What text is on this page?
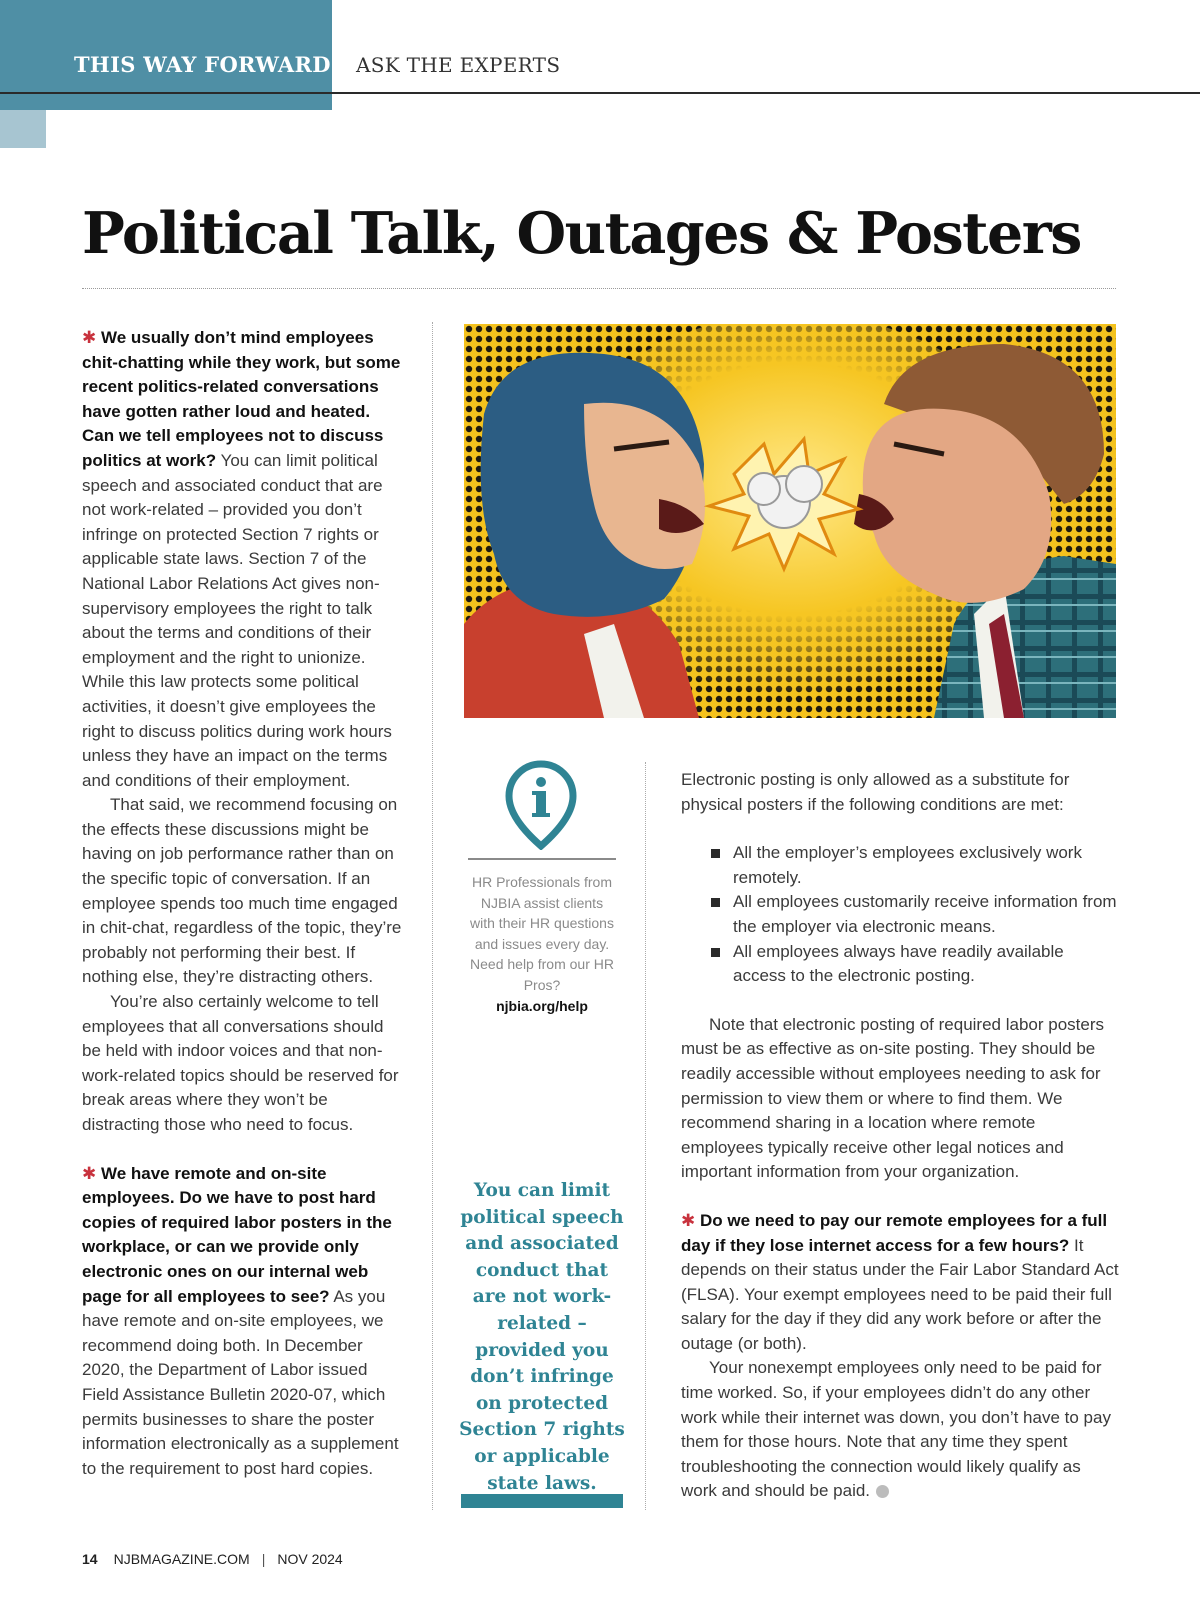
THIS WAY FORWARD ASK THE EXPERTS
Political Talk, Outages & Posters

✱ We usually don’t mind employees chit-chatting while they work, but some recent politics-related conversations have gotten rather loud and heated. Can we tell employees not to discuss politics at work? You can limit political speech and associated conduct that are not work-related – provided you don’t infringe on protected Section 7 rights or applicable state laws. Section 7 of the National Labor Relations Act gives non-supervisory employees the right to talk about the terms and conditions of their employment and the right to unionize. While this law protects some political activities, it doesn’t give employees the right to discuss politics during work hours unless they have an impact on the terms and conditions of their employment.

That said, we recommend focusing on the effects these discussions might be having on job performance rather than on the specific topic of conversation. If an employee spends too much time engaged in chit-chat, regardless of the topic, they’re probably not performing their best. If nothing else, they’re distracting others.

You’re also certainly welcome to tell employees that all conversations should be held with indoor voices and that non-work-related topics should be reserved for break areas where they won’t be distracting those who need to focus.

✱ We have remote and on-site employees. Do we have to post hard copies of required labor posters in the workplace, or can we provide only electronic ones on our internal web page for all employees to see? As you have remote and on-site employees, we recommend doing both. In December 2020, the Department of Labor issued Field Assistance Bulletin 2020-07, which permits businesses to share the poster information electronically as a supplement to the requirement to post hard copies.

HR Professionals from NJBIA assist clients with their HR questions and issues every day. Need help from our HR Pros?
njbia.org/help
You can limit political speech and associated conduct that are not work-related – provided you don’t infringe on protected Section 7 rights or applicable state laws.

Electronic posting is only allowed as a substitute for physical posters if the following conditions are met:

All the employer’s employees exclusively work remotely.
All employees customarily receive information from the employer via electronic means.
All employees always have readily available access to the electronic posting.

Note that electronic posting of required labor posters must be as effective as on-site posting. They should be readily accessible without employees needing to ask for permission to view them or where to find them. We recommend sharing in a location where remote employees typically receive other legal notices and important information from your organization.

✱ Do we need to pay our remote employees for a full day if they lose internet access for a few hours? It depends on their status under the Fair Labor Standard Act (FLSA). Your exempt employees need to be paid their full salary for the day if they did any work before or after the outage (or both).

Your nonexempt employees only need to be paid for time worked. So, if your employees didn’t do any other work while their internet was down, you don’t have to pay them for those hours. Note that any time they spent troubleshooting the connection would likely qualify as work and should be paid.	◀

14 NJBMAGAZINE.COM | NOV 2024
